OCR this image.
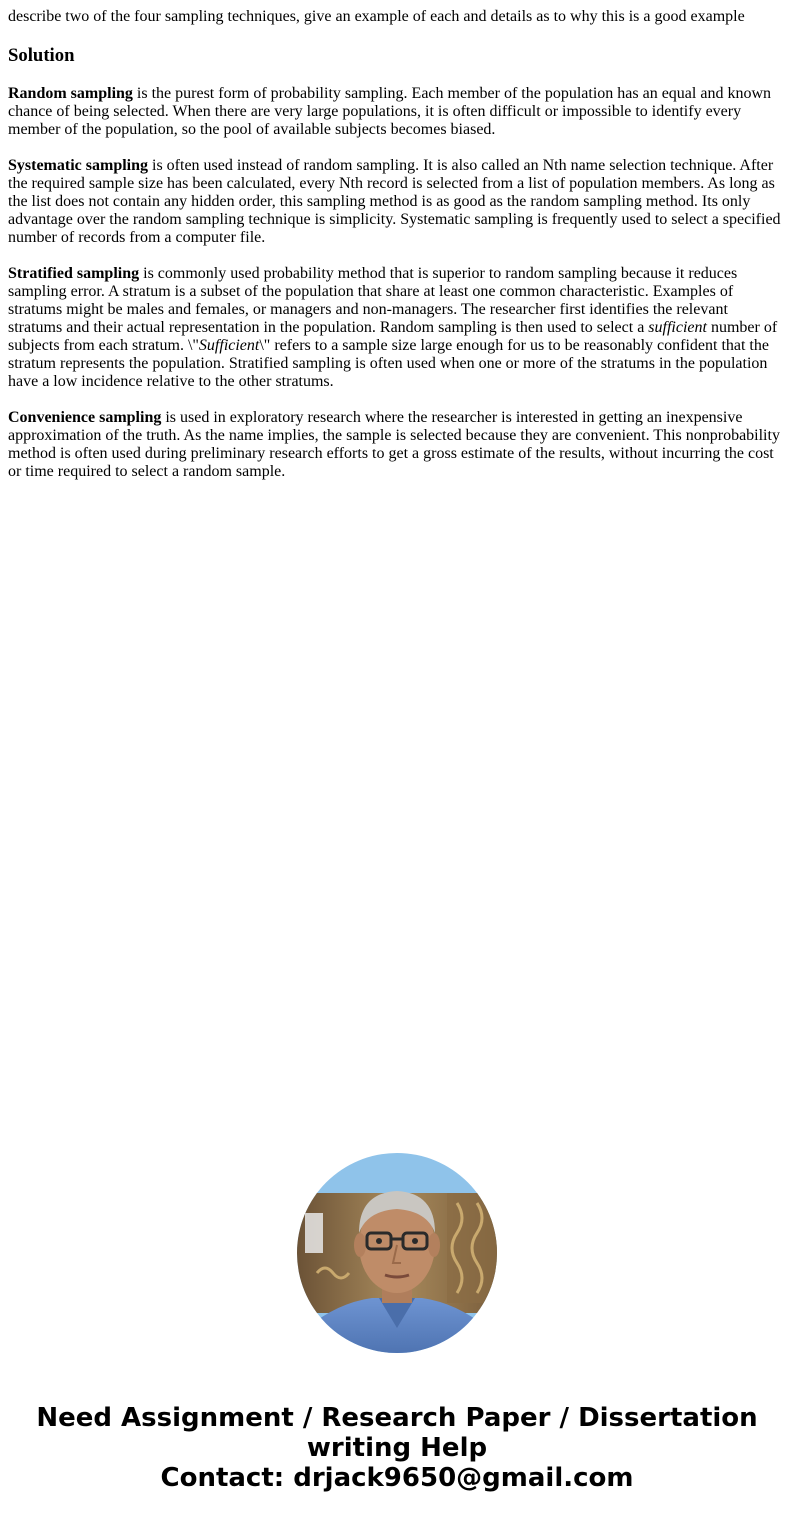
describe two of the four sampling techniques, give an example of each and details as to why this is a good example

Solution

Random sampling is the purest form of probability sampling. Each member of the population has an equal and known chance of being selected. When there are very large populations, it is often difficult or impossible to identify every member of the population, so the pool of available subjects becomes biased.

Systematic sampling is often used instead of random sampling. It is also called an Nth name selection technique. After the required sample size has been calculated, every Nth record is selected from a list of population members. As long as the list does not contain any hidden order, this sampling method is as good as the random sampling method. Its only advantage over the random sampling technique is simplicity. Systematic sampling is frequently used to select a specified number of records from a computer file.

Stratified sampling is commonly used probability method that is superior to random sampling because it reduces sampling error. A stratum is a subset of the population that share at least one common characteristic. Examples of stratums might be males and females, or managers and non-managers. The researcher first identifies the relevant stratums and their actual representation in the population. Random sampling is then used to select a sufficient number of subjects from each stratum. \"Sufficient\" refers to a sample size large enough for us to be reasonably confident that the stratum represents the population. Stratified sampling is often used when one or more of the stratums in the population have a low incidence relative to the other stratums.

Convenience sampling is used in exploratory research where the researcher is interested in getting an inexpensive approximation of the truth. As the name implies, the sample is selected because they are convenient. This nonprobability method is often used during preliminary research efforts to get a gross estimate of the results, without incurring the cost or time required to select a random sample.

Need Assignment / Research Paper / Dissertation
writing Help
Contact: drjack9650@gmail.com
